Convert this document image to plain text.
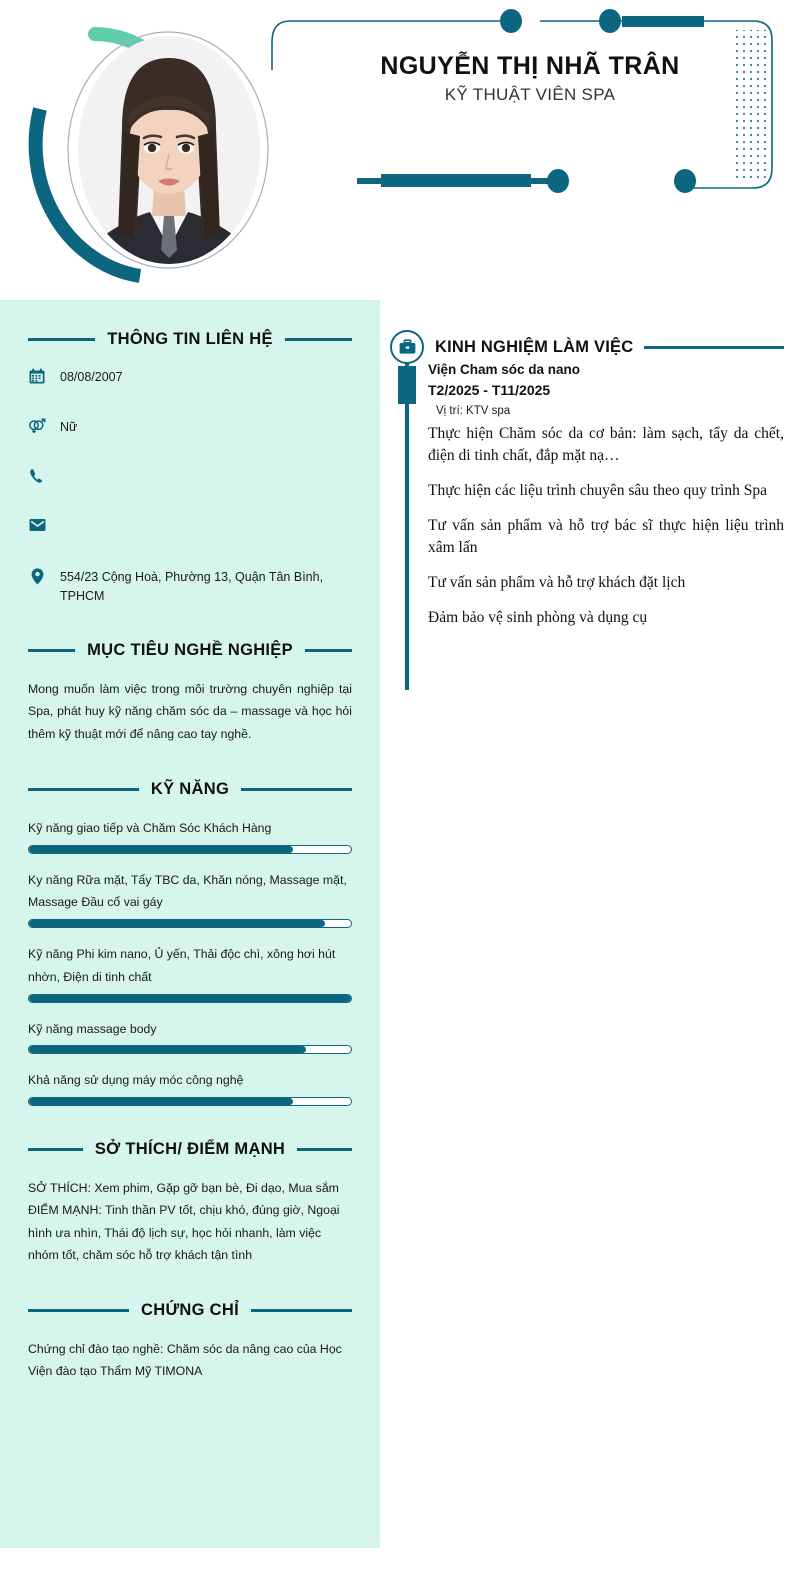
NGUYỄN THỊ NHÃ TRÂN
KỸ THUẬT VIÊN SPA
THÔNG TIN LIÊN HỆ
08/08/2007
Nữ
554/23 Cộng Hoà, Phường 13, Quận Tân Bình, TPHCM
MỤC TIÊU NGHỀ NGHIỆP

Mong muốn làm việc trong môi trường chuyên nghiệp tại Spa, phát huy kỹ năng chăm sóc da – massage và học hỏi thêm kỹ thuật mới để nâng cao tay nghề.

KỸ NĂNG
Kỹ năng giao tiếp và Chăm Sóc Khách Hàng
Ky năng Rữa mặt, Tẩy TBC da, Khăn nóng, Massage mặt, Massage Đầu cổ vai gáy
Kỹ năng Phi kim nano, Ủ yến, Thải độc chì, xông hơi hút nhờn, Điện di tinh chất
Kỹ năng massage body
Khả năng sử dụng máy móc công nghệ
SỞ THÍCH/ ĐIỂM MẠNH

SỞ THÍCH: Xem phim, Gặp gỡ bạn bè, Đi dạo, Mua sắm

ĐIỂM MẠNH: Tinh thần PV tốt, chịu khó, đúng giờ, Ngoại hình ưa nhìn, Thái độ lịch sự, học hỏi nhanh, làm việc nhóm tốt, chăm sóc hỗ trợ khách tận tình

CHỨNG CHỈ

Chứng chỉ đào tạo nghề: Chăm sóc da nâng cao của Học Viện đào tạo Thẩm Mỹ TIMONA

KINH NGHIỆM LÀM VIỆC
Viện Cham sóc da nano
T2/2025 - T11/2025
Vị trí: KTV spa

Thực hiện Chăm sóc da cơ bản: làm sạch, tẩy da chết, điện di tinh chất, đắp mặt nạ…

Thực hiện các liệu trình chuyên sâu theo quy trình Spa

Tư vấn sản phẩm và hỗ trợ bác sĩ thực hiện liệu trình xâm lấn

Tư vấn sản phẩm và hỗ trợ khách đặt lịch

Đảm bảo vệ sinh phòng và dụng cụ
